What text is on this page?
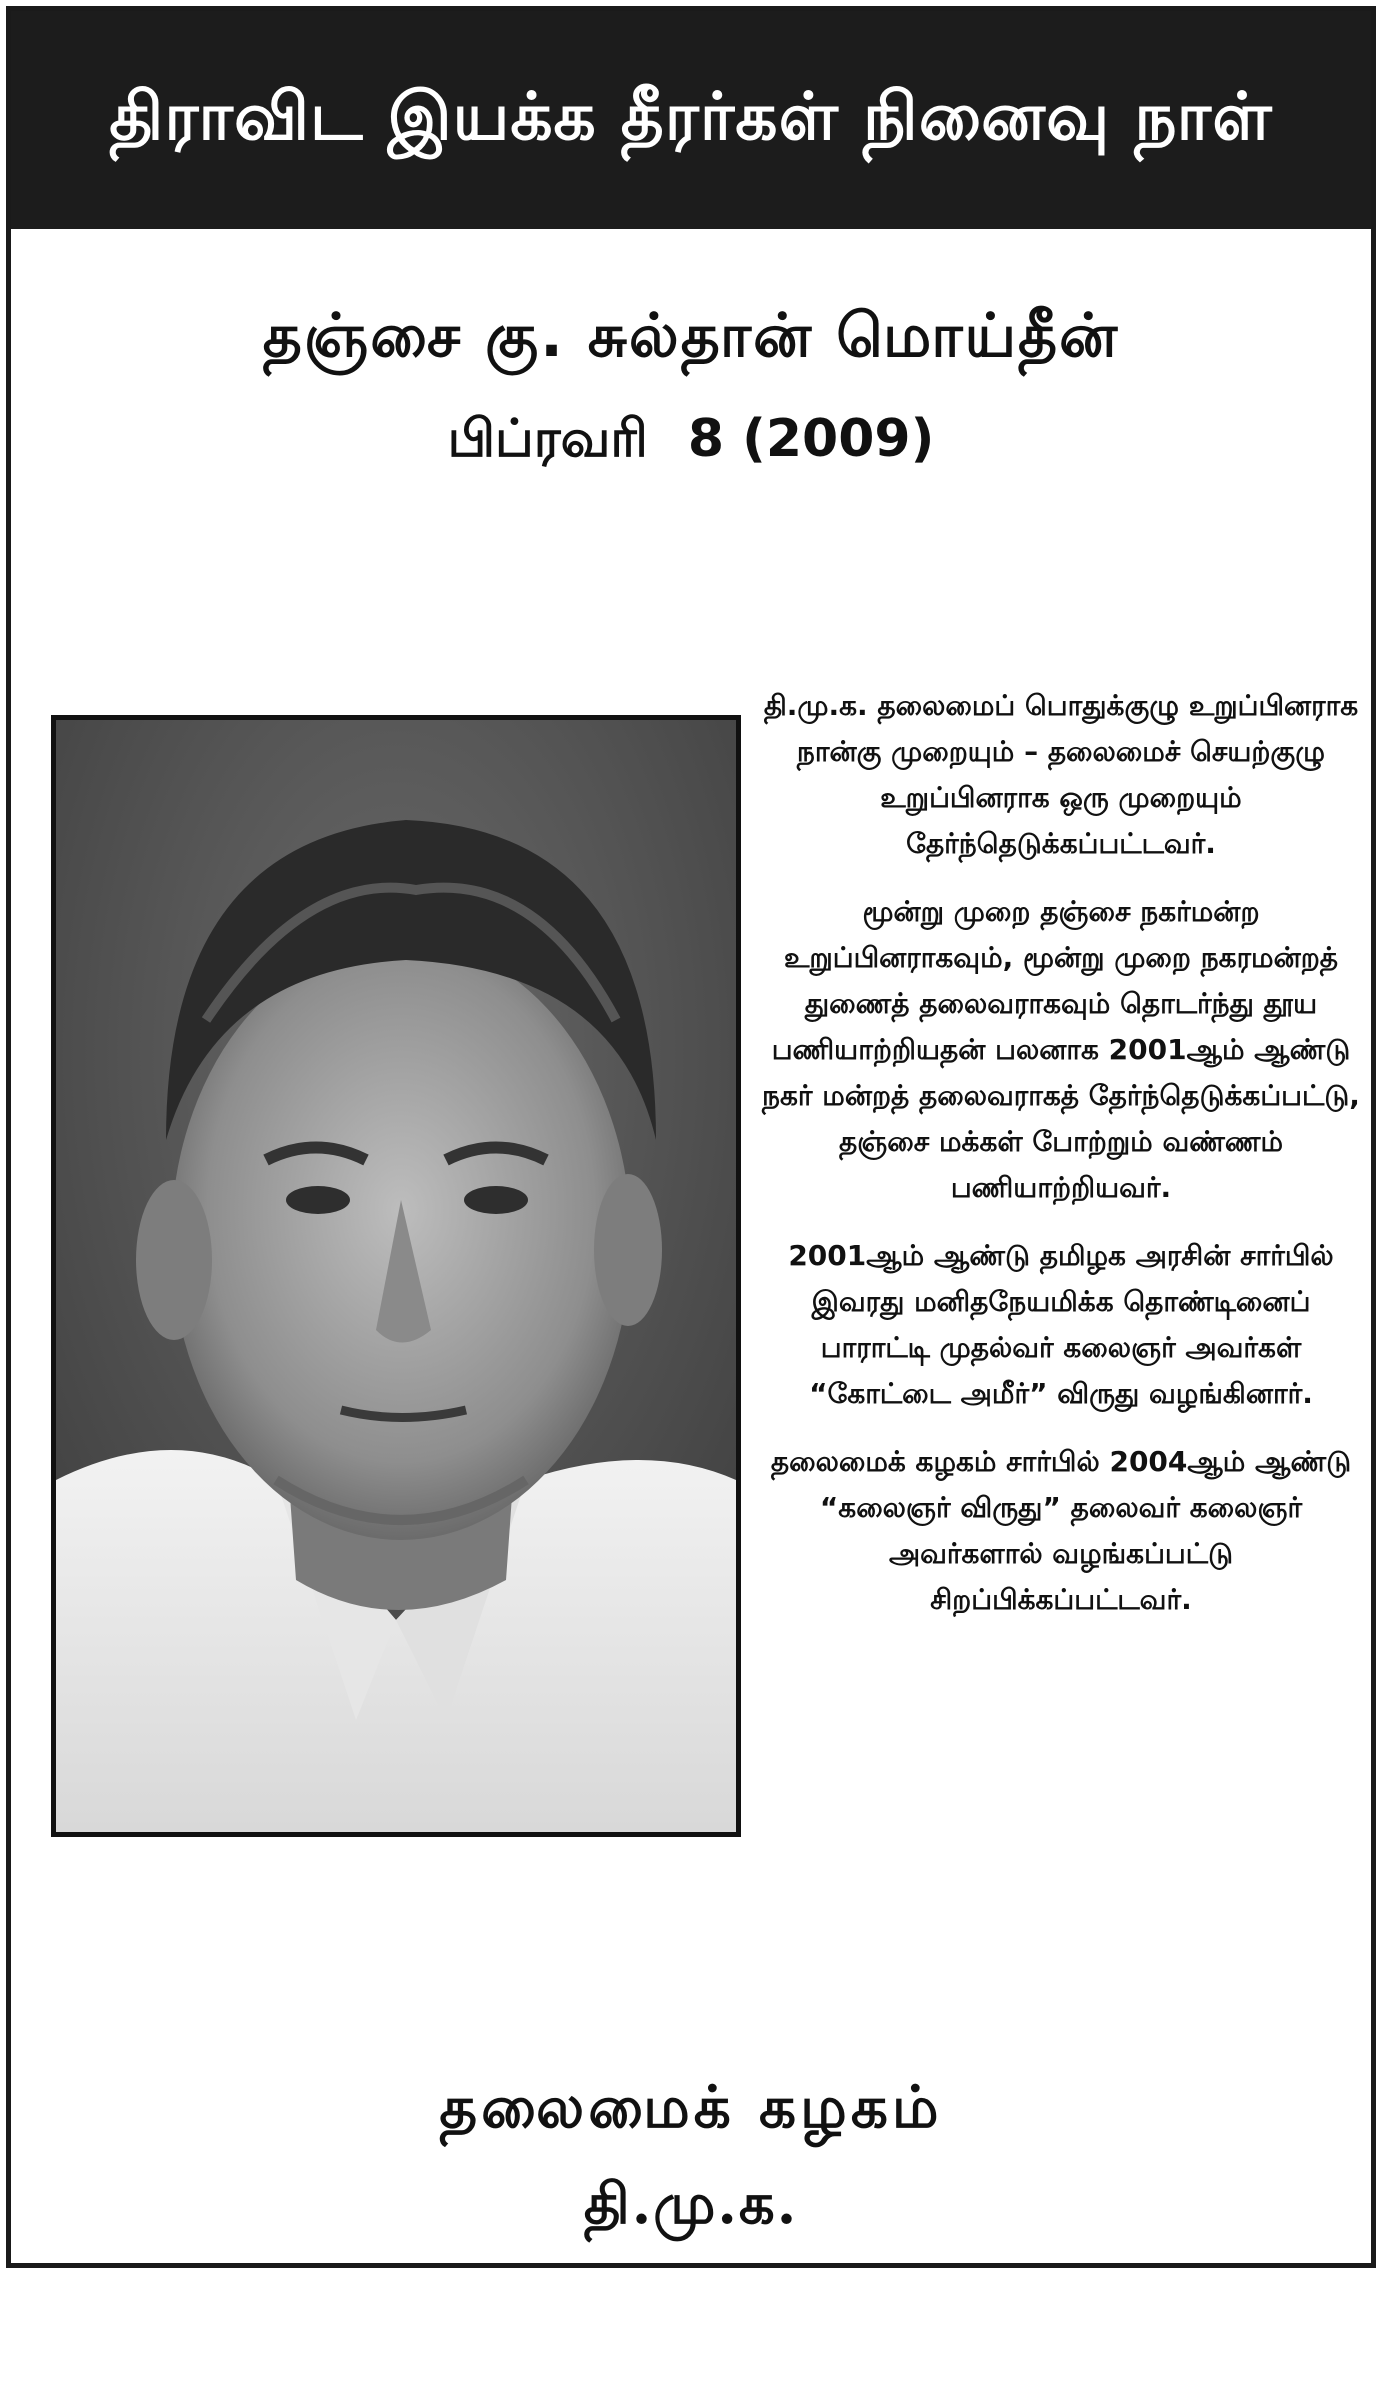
திராவிட இயக்க தீரர்கள் நினைவு நாள்
தஞ்சை கு. சுல்தான் மொய்தீன்
பிப்ரவரி 8 (2009)

தி.மு.க. தலைமைப் பொதுக்குழு உறுப்பினராக நான்கு முறையும் – தலைமைச் செயற்குழு உறுப்பினராக ஒரு முறையும் தேர்ந்தெடுக்கப்பட்டவர்.

மூன்று முறை தஞ்சை நகர்மன்ற உறுப்பினராகவும், மூன்று முறை நகரமன்றத் துணைத் தலைவராகவும் தொடர்ந்து தூய பணியாற்றியதன் பலனாக 2001ஆம் ஆண்டு நகர் மன்றத் தலைவராகத் தேர்ந்தெடுக்கப்பட்டு, தஞ்சை மக்கள் போற்றும் வண்ணம் பணியாற்றியவர்.

2001ஆம் ஆண்டு தமிழக அரசின் சார்பில் இவரது மனிதநேயமிக்க தொண்டினைப் பாராட்டி முதல்வர் கலைஞர் அவர்கள் “கோட்டை அமீர்” விருது வழங்கினார்.

தலைமைக் கழகம் சார்பில் 2004ஆம் ஆண்டு “கலைஞர் விருது” தலைவர் கலைஞர் அவர்களால் வழங்கப்பட்டு சிறப்பிக்கப்பட்டவர்.

தலைமைக் கழகம்
தி.மு.க.
